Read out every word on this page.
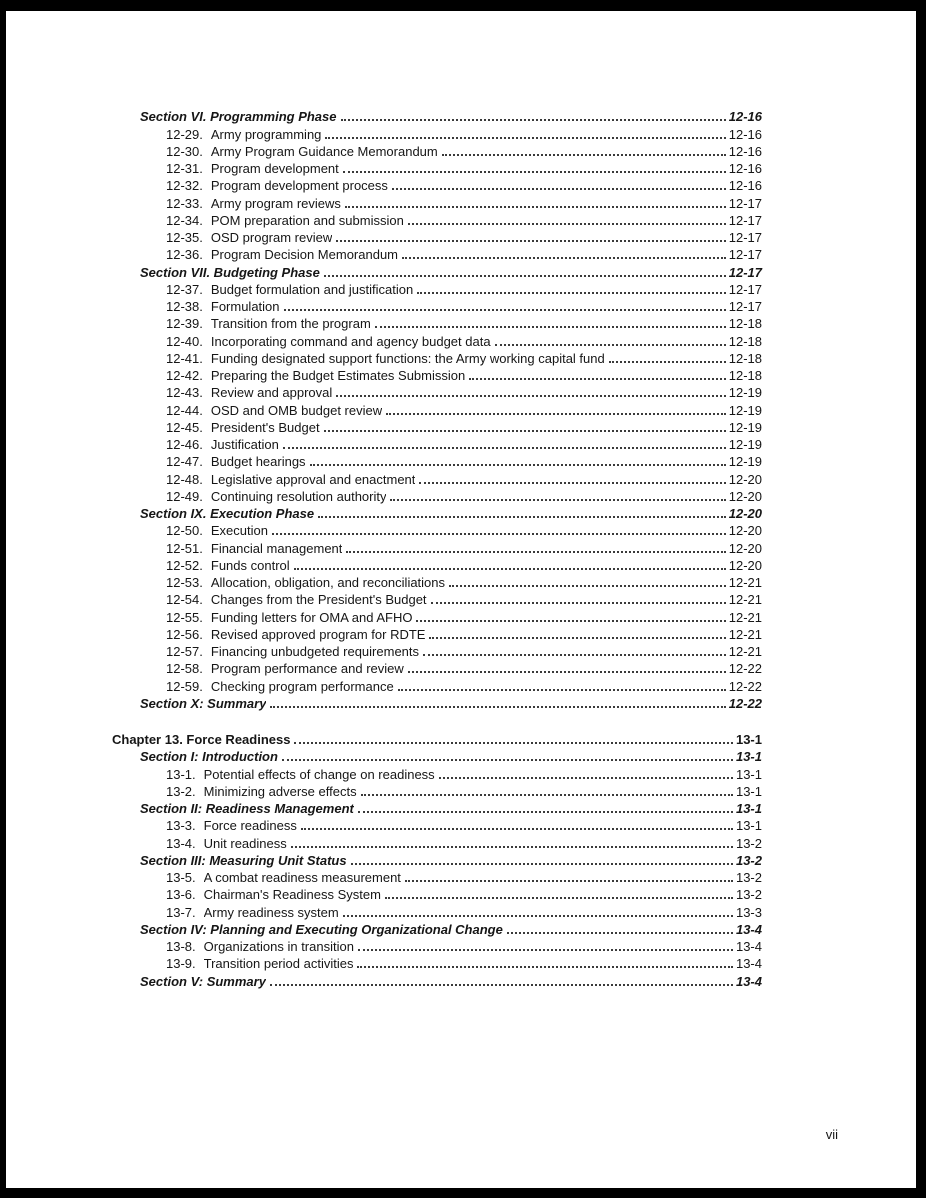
Section VI. Programming Phase	12-16
12-29. Army programming	12-16
12-30. Army Program Guidance Memorandum	12-16
12-31. Program development	12-16
12-32. Program development process	12-16
12-33. Army program reviews	12-17
12-34. POM preparation and submission	12-17
12-35. OSD program review	12-17
12-36. Program Decision Memorandum	12-17
Section VII. Budgeting Phase	12-17
12-37. Budget formulation and justification	12-17
12-38. Formulation	12-17
12-39. Transition from the program	12-18
12-40. Incorporating command and agency budget data	12-18
12-41. Funding designated support functions: the Army working capital fund	12-18
12-42. Preparing the Budget Estimates Submission	12-18
12-43. Review and approval	12-19
12-44. OSD and OMB budget review	12-19
12-45. President's Budget	12-19
12-46. Justification	12-19
12-47. Budget hearings	12-19
12-48. Legislative approval and enactment	12-20
12-49. Continuing resolution authority	12-20
Section IX. Execution Phase	12-20
12-50. Execution	12-20
12-51. Financial management	12-20
12-52. Funds control	12-20
12-53. Allocation, obligation, and reconciliations	12-21
12-54. Changes from the President's Budget	12-21
12-55. Funding letters for OMA and AFHO	12-21
12-56. Revised approved program for RDTE	12-21
12-57. Financing unbudgeted requirements	12-21
12-58. Program performance and review	12-22
12-59. Checking program performance	12-22
Section X: Summary	12-22
Chapter 13. Force Readiness	13-1
Section I: Introduction	13-1
13-1. Potential effects of change on readiness	13-1
13-2. Minimizing adverse effects	13-1
Section II: Readiness Management	13-1
13-3. Force readiness	13-1
13-4. Unit readiness	13-2
Section III: Measuring Unit Status	13-2
13-5. A combat readiness measurement	13-2
13-6. Chairman's Readiness System	13-2
13-7. Army readiness system	13-3
Section IV: Planning and Executing Organizational Change	13-4
13-8. Organizations in transition	13-4
13-9. Transition period activities	13-4
Section V: Summary	13-4
vii
